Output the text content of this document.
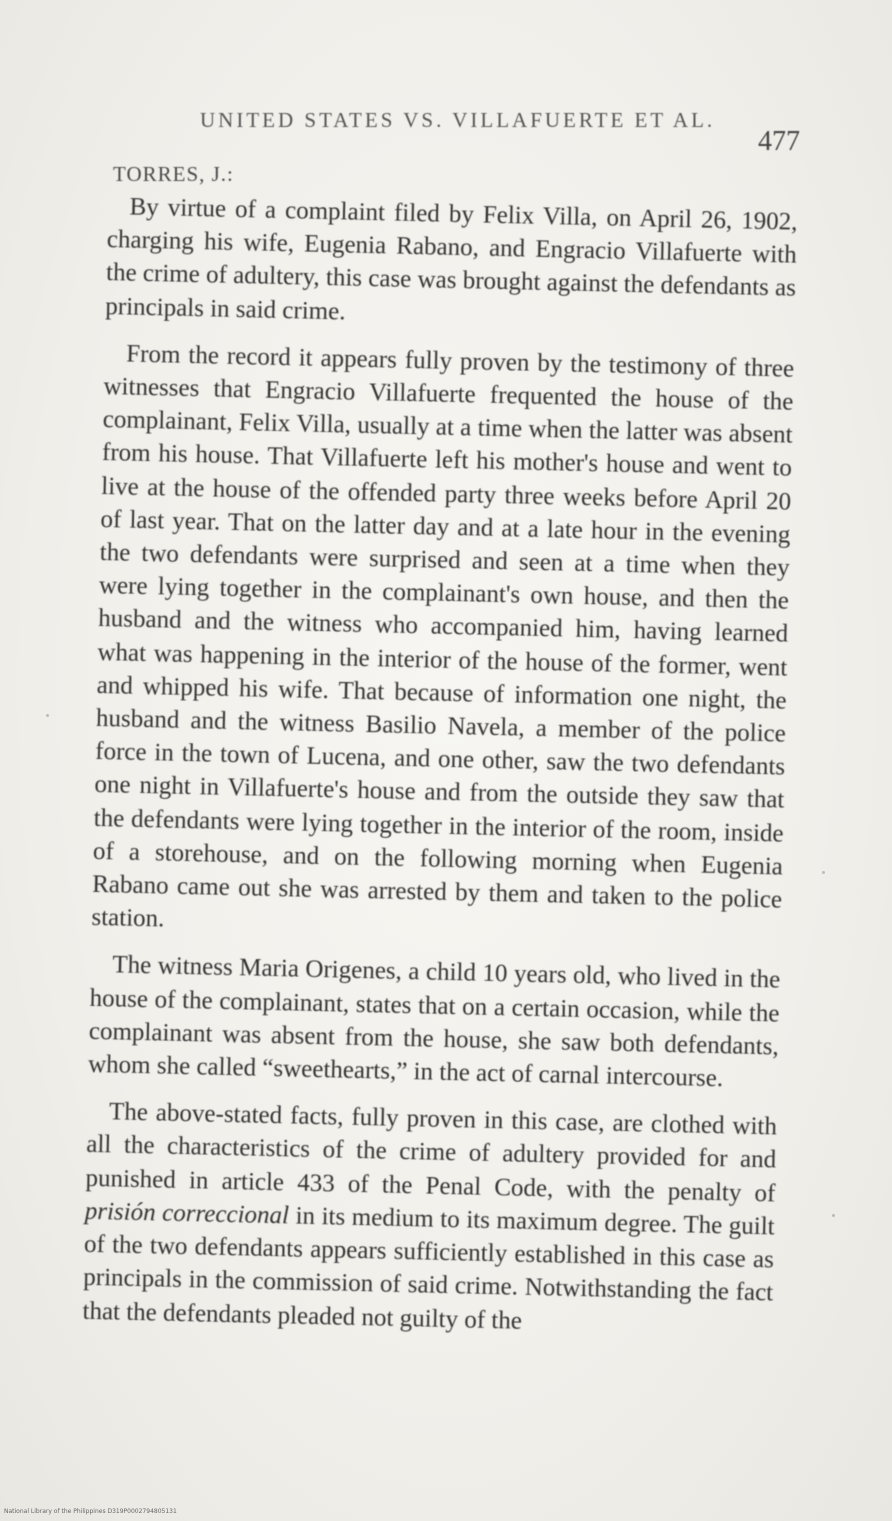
UNITED STATES VS. VILLAFUERTE ET AL.
477
TORRES, J.:

By virtue of a complaint filed by Felix Villa, on April 26, 1902, charging his wife, Eugenia Rabano, and Engracio Villafuerte with the crime of adultery, this case was brought against the defendants as principals in said crime.

From the record it appears fully proven by the testimony of three witnesses that Engracio Villafuerte frequented the house of the complainant, Felix Villa, usually at a time when the latter was absent from his house. That Villafuerte left his mother's house and went to live at the house of the offended party three weeks before April 20 of last year. That on the latter day and at a late hour in the evening the two defendants were surprised and seen at a time when they were lying together in the complainant's own house, and then the husband and the witness who accompanied him, having learned what was happening in the interior of the house of the former, went and whipped his wife. That because of information one night, the husband and the witness Basilio Navela, a member of the police force in the town of Lucena, and one other, saw the two defendants one night in Villafuerte's house and from the outside they saw that the defendants were lying together in the interior of the room, inside of a storehouse, and on the following morning when Eugenia Rabano came out she was arrested by them and taken to the police station.

The witness Maria Origenes, a child 10 years old, who lived in the house of the complainant, states that on a certain occasion, while the complainant was absent from the house, she saw both defendants, whom she called “sweethearts,” in the act of carnal intercourse.

The above-stated facts, fully proven in this case, are clothed with all the characteristics of the crime of adultery provided for and punished in article 433 of the Penal Code, with the penalty of prisión correccional in its medium to its maximum degree. The guilt of the two defendants appears sufficiently established in this case as principals in the commission of said crime. Notwithstanding the fact that the defendants pleaded not guilty of the

National Library of the Philippines D319P0002794805131
